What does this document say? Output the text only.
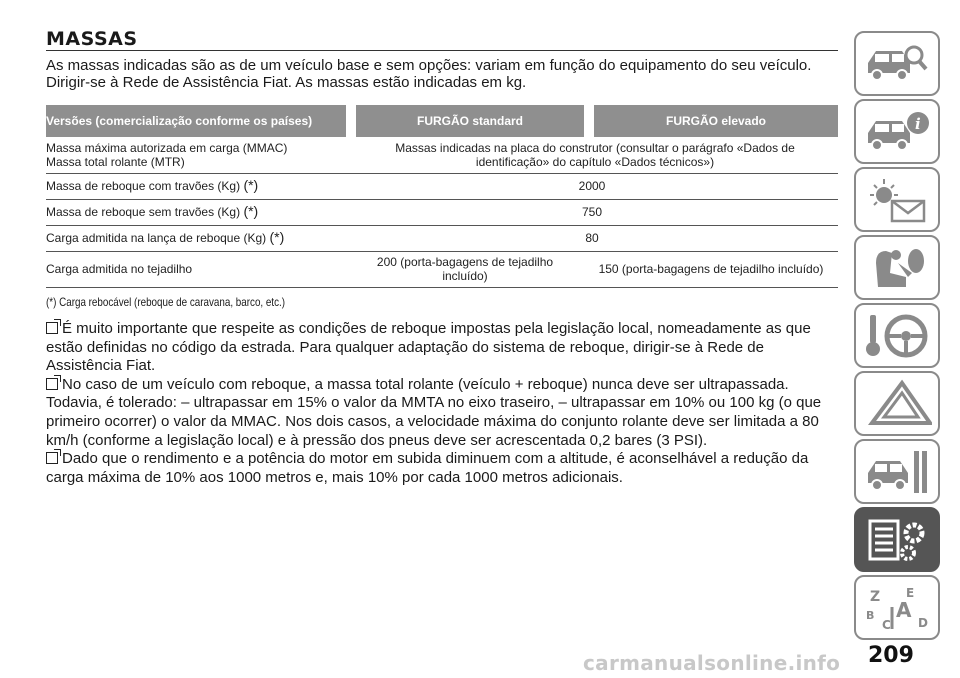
MASSAS

As massas indicadas são as de um veículo base e sem opções: variam em função do equipamento do seu veículo. Dirigir-se à Rede de Assistência Fiat. As massas estão indicadas em kg.

Versões (comercialização conforme os países)		FURGÃO standard		FURGÃO elevado
Massa máxima autorizada em carga (MMAC)
Massa total rolante (MTR)	Massas indicadas na placa do construtor (consultar o parágrafo «Dados de identificação» do capítulo «Dados técnicos»)			
Massa de reboque com travões (Kg) (*)	2000			
Massa de reboque sem travões (Kg) (*)	750			
Carga admitida na lança de reboque (Kg) (*)	80			
Carga admitida no tejadilho	200 (porta-bagagens de tejadilho incluído)		150 (porta-bagagens de tejadilho incluído)	
(*) Carga rebocável (reboque de caravana, barco, etc.)
É muito importante que respeite as condições de reboque impostas pela legislação local, nomeadamente as que estão definidas no código da estrada. Para qualquer adaptação do sistema de reboque, dirigir-se à Rede de Assistência Fiat.
No caso de um veículo com reboque, a massa total rolante (veículo + reboque) nunca deve ser ultrapassada. Todavia, é tolerado: – ultrapassar em 15% o valor da MMTA no eixo traseiro, – ultrapassar em 10% ou 100 kg (o que primeiro ocorrer) o valor da MMAC. Nos dois casos, a velocidade máxima do conjunto rolante deve ser limitada a 80 km/h (conforme a legislação local) e à pressão dos pneus deve ser acrescentada 0,2 bares (3 PSI).
Dado que o rendimento e a potência do motor em subida diminuem com a altitude, é aconselhável a redução da carga máxima de 10% aos 1000 metros e, mais 10% por cada 1000 metros adicionais.
i
Z E
B A
C D
209
carmanualsonline.info
